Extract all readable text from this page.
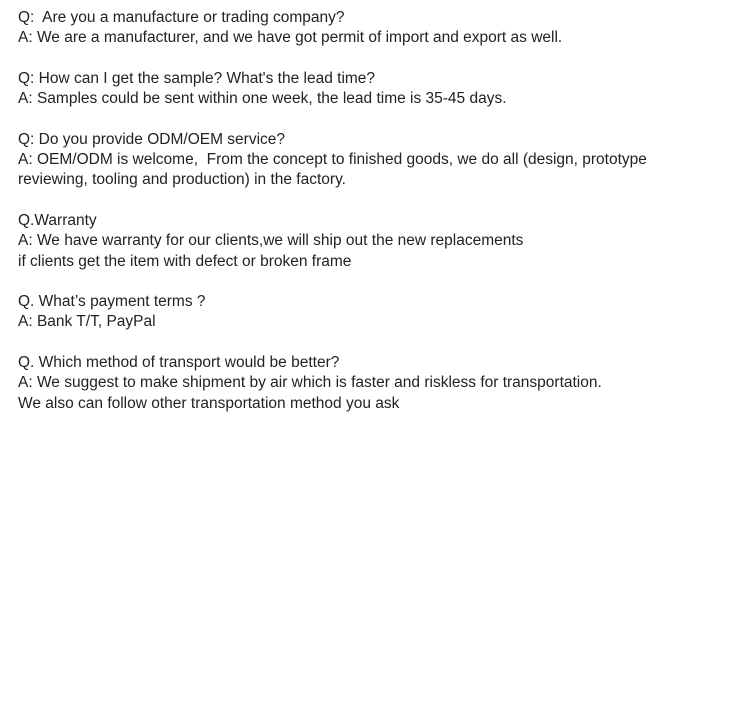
Q:  Are you a manufacture or trading company?
A: We are a manufacturer, and we have got permit of import and export as well.
Q: How can I get the sample? What's the lead time?
A: Samples could be sent within one week, the lead time is 35-45 days.
Q: Do you provide ODM/OEM service?
A: OEM/ODM is welcome,  From the concept to finished goods, we do all (design, prototype
reviewing, tooling and production) in the factory.
Q.Warranty
A: We have warranty for our clients,we will ship out the new replacements
if clients get the item with defect or broken frame
Q. What’s payment terms ?
A: Bank T/T, PayPal
Q. Which method of transport would be better?
A: We suggest to make shipment by air which is faster and riskless for transportation.
We also can follow other transportation method you ask
